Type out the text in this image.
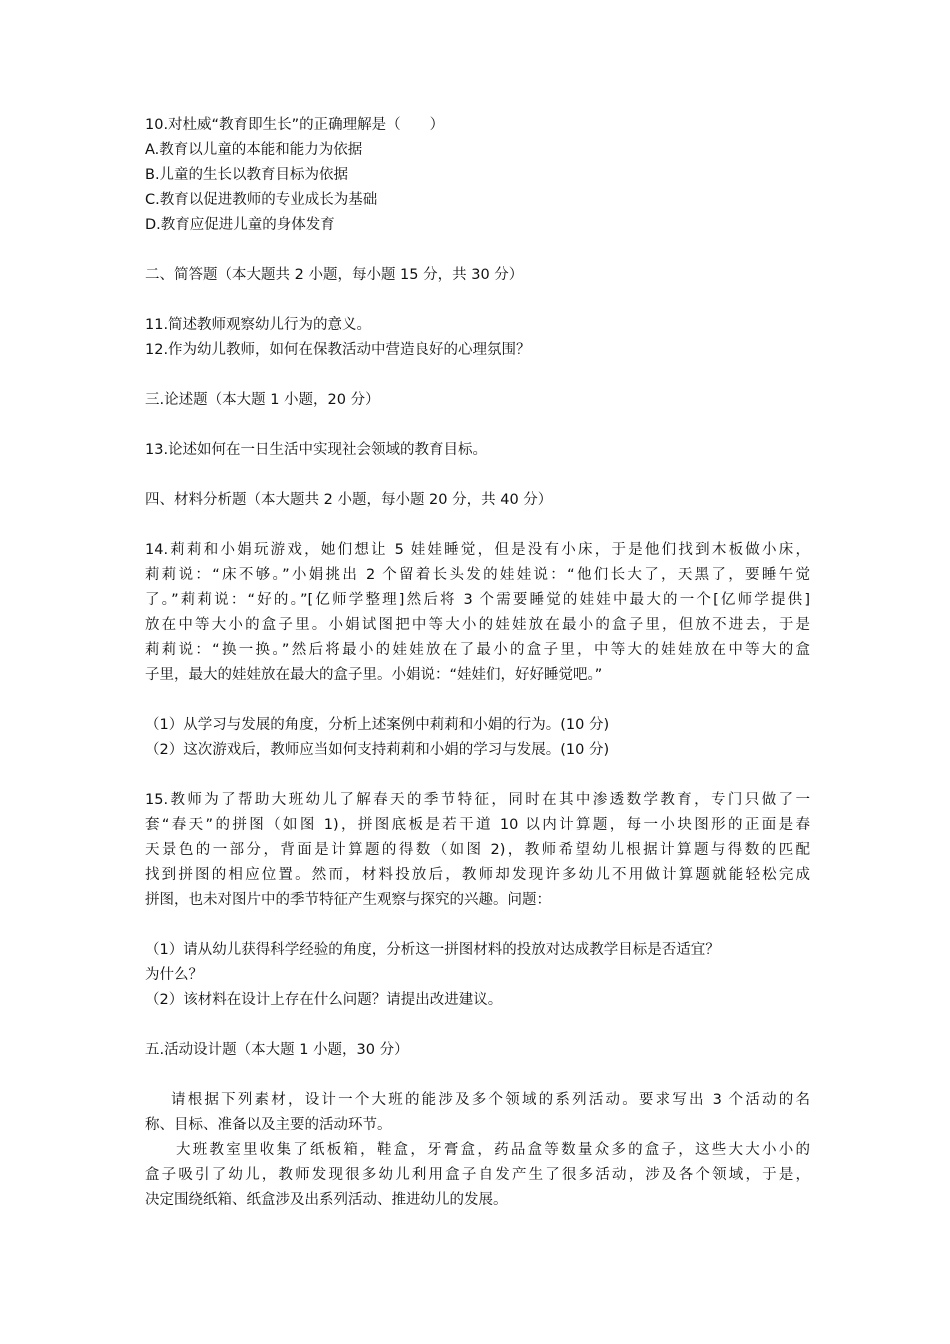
10.对杜威“教育即生长”的正确理解是（　　）
A.教育以儿童的本能和能力为依据
B.儿童的生长以教育目标为依据
C.教育以促进教师的专业成长为基础
D.教育应促进儿童的身体发育
二、简答题（本大题共 2 小题，每小题 15 分，共 30 分）
11.简述教师观察幼儿行为的意义。
12.作为幼儿教师，如何在保教活动中营造良好的心理氛围？
三.论述题（本大题 1 小题，20 分）
13.论述如何在一日生活中实现社会领域的教育目标。
四、材料分析题（本大题共 2 小题，每小题 20 分，共 40 分）
14.莉莉和小娟玩游戏，她们想让 5 娃娃睡觉，但是没有小床，于是他们找到木板做小床，
莉莉说：“床不够。”小娟挑出 2 个留着长头发的娃娃说：“他们长大了，天黑了，要睡午觉
了。”莉莉说：“好的。”[亿师学整理]然后将 3 个需要睡觉的娃娃中最大的一个[亿师学提供]
放在中等大小的盒子里。小娟试图把中等大小的娃娃放在最小的盒子里，但放不进去，于是
莉莉说：“换一换。”然后将最小的娃娃放在了最小的盒子里，中等大的娃娃放在中等大的盒
子里，最大的娃娃放在最大的盒子里。小娟说：“娃娃们，好好睡觉吧。”
（1）从学习与发展的角度，分析上述案例中莉莉和小娟的行为。(10 分)
（2）这次游戏后，教师应当如何支持莉莉和小娟的学习与发展。(10 分)
15.教师为了帮助大班幼儿了解春天的季节特征，同时在其中渗透数学教育，专门只做了一
套“春天”的拼图（如图 1)，拼图底板是若干道 10 以内计算题，每一小块图形的正面是春
天景色的一部分，背面是计算题的得数（如图 2)，教师希望幼儿根据计算题与得数的匹配
找到拼图的相应位置。然而，材料投放后，教师却发现许多幼儿不用做计算题就能轻松完成
拼图，也未对图片中的季节特征产生观察与探究的兴趣。问题：
（1）请从幼儿获得科学经验的角度，分析这一拼图材料的投放对达成教学目标是否适宜？
为什么？
（2）该材料在设计上存在什么问题？请提出改进建议。
五.活动设计题（本大题 1 小题，30 分）
请根据下列素材，设计一个大班的能涉及多个领域的系列活动。要求写出 3 个活动的名
称、目标、准备以及主要的活动环节。
大班教室里收集了纸板箱，鞋盒，牙膏盒，药品盒等数量众多的盒子，这些大大小小的
盒子吸引了幼儿，教师发现很多幼儿利用盒子自发产生了很多活动，涉及各个领域，于是，
决定围绕纸箱、纸盒涉及出系列活动、推进幼儿的发展。
